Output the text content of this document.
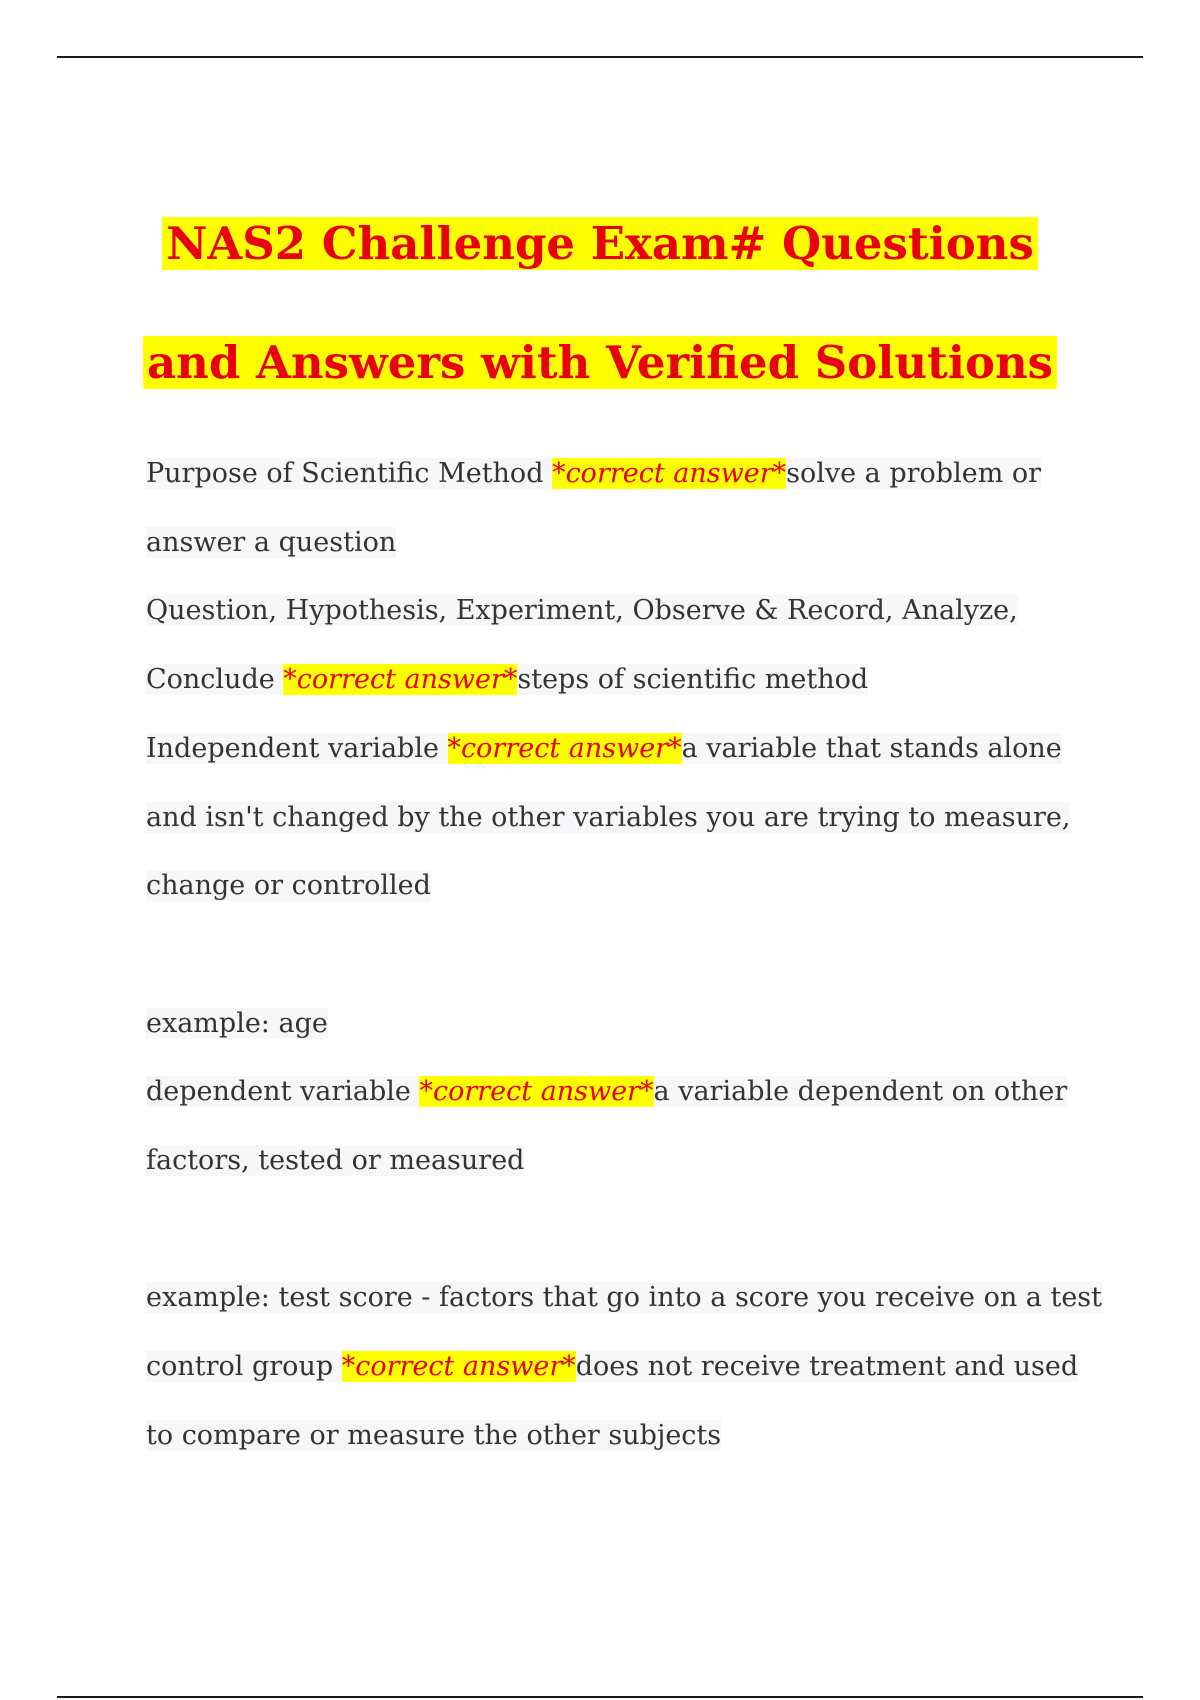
NAS2 Challenge Exam# Questions
and Answers with Verified Solutions

Purpose of Scientific Method *correct answer*solve a problem or answer a question

Question, Hypothesis, Experiment, Observe & Record, Analyze, Conclude *correct answer*steps of scientific method

Independent variable *correct answer*a variable that stands alone and isn't changed by the other variables you are trying to measure, change or controlled

example: age

dependent variable *correct answer*a variable dependent on other factors, tested or measured

example: test score - factors that go into a score you receive on a test

control group *correct answer*does not receive treatment and used to compare or measure the other subjects
